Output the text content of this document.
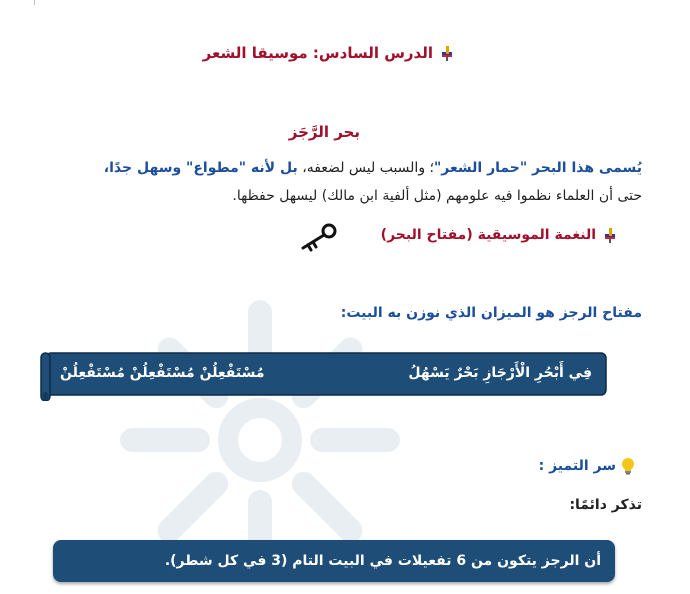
الدرس السادس: موسيقا الشعر
بحر الرَّجَز
يُسمى هذا البحر "حمار الشعر"؛ والسبب ليس لضعفه، بل لأنه "مطواع" وسهل جدًا،
حتى أن العلماء نظموا فيه علومهم (مثل ألفية ابن مالك) ليسهل حفظها.
النغمة الموسيقية (مفتاح البحر)
مفتاح الرجز هو الميزان الذي نوزن به البيت:
فِي أَبْحُرِ الْأَرْجَازِ بَحْرٌ يَسْهُلُ
مُسْتَفْعِلُنْ مُسْتَفْعِلُنْ مُسْتَفْعِلُنْ
سر التميز :
تذكر دائمًا:
أن الرجز يتكون من 6 تفعيلات في البيت التام (3 في كل شطر).
